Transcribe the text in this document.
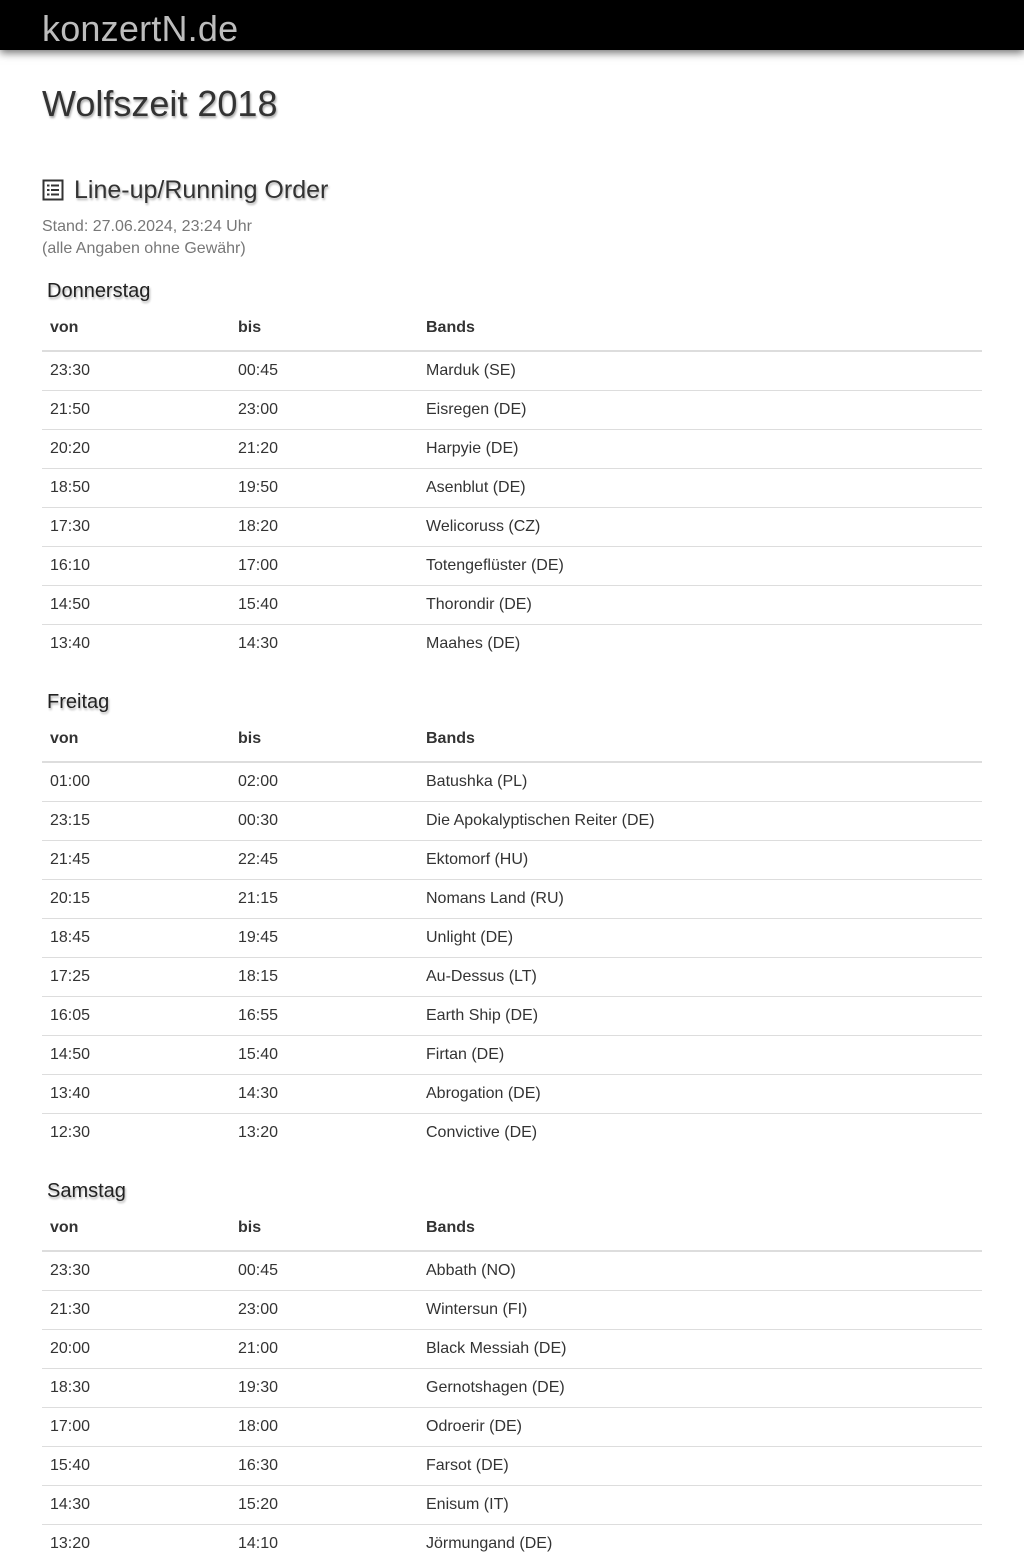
konzertN.de
Wolfszeit 2018
Line-up/Running Order
Stand: 27.06.2024, 23:24 Uhr
(alle Angaben ohne Gewähr)
Donnerstag
von	bis	Bands
23:30	00:45	Marduk (SE)
21:50	23:00	Eisregen (DE)
20:20	21:20	Harpyie (DE)
18:50	19:50	Asenblut (DE)
17:30	18:20	Welicoruss (CZ)
16:10	17:00	Totengeflüster (DE)
14:50	15:40	Thorondir (DE)
13:40	14:30	Maahes (DE)
Freitag
von	bis	Bands
01:00	02:00	Batushka (PL)
23:15	00:30	Die Apokalyptischen Reiter (DE)
21:45	22:45	Ektomorf (HU)
20:15	21:15	Nomans Land (RU)
18:45	19:45	Unlight (DE)
17:25	18:15	Au-Dessus (LT)
16:05	16:55	Earth Ship (DE)
14:50	15:40	Firtan (DE)
13:40	14:30	Abrogation (DE)
12:30	13:20	Convictive (DE)
Samstag
von	bis	Bands
23:30	00:45	Abbath (NO)
21:30	23:00	Wintersun (FI)
20:00	21:00	Black Messiah (DE)
18:30	19:30	Gernotshagen (DE)
17:00	18:00	Odroerir (DE)
15:40	16:30	Farsot (DE)
14:30	15:20	Enisum (IT)
13:20	14:10	Jörmungand (DE)
